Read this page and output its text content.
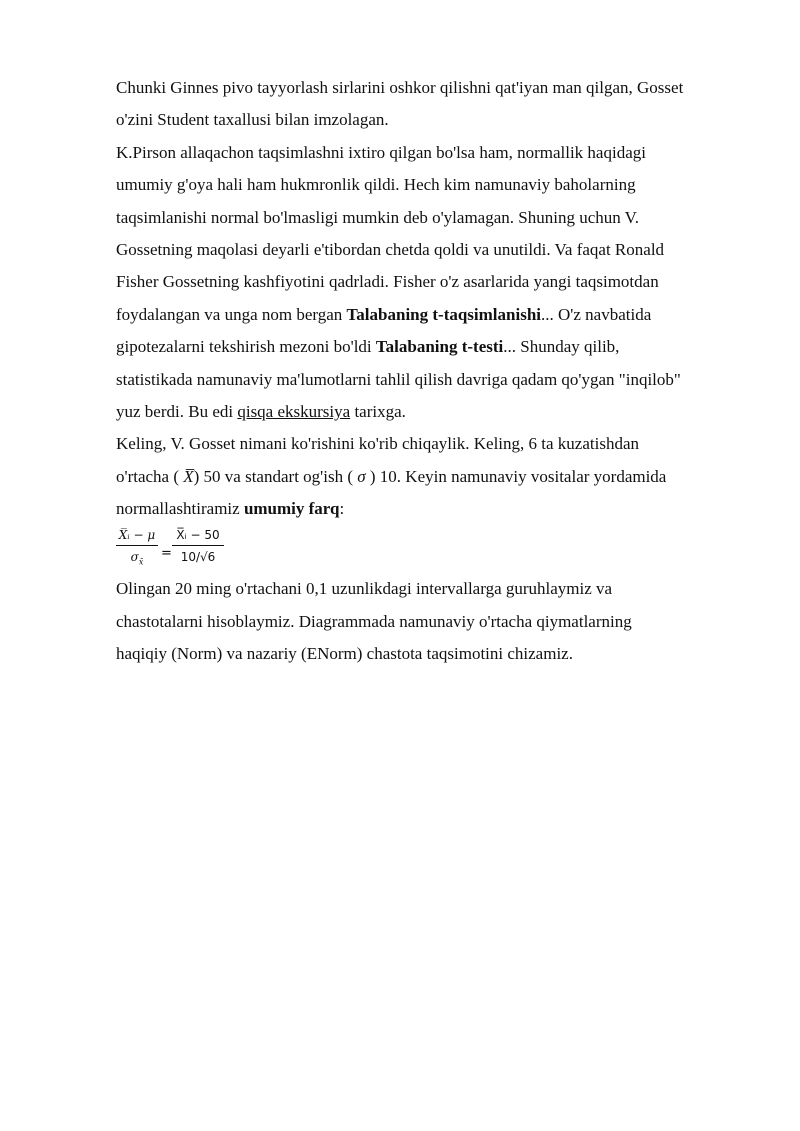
Chunki Ginnes pivo tayyorlash sirlarini oshkor qilishni qat'iyan man qilgan, Gosset
o'zini Student taxallusi bilan imzolagan.

K.Pirson allaqachon taqsimlashni ixtiro qilgan bo'lsa ham, normallik haqidagi
umumiy g'oya hali ham hukmronlik qildi. Hech kim namunaviy baholarning
taqsimlanishi normal bo'lmasligi mumkin deb o'ylamagan. Shuning uchun V.
Gossetning maqolasi deyarli e'tibordan chetda qoldi va unutildi. Va faqat Ronald
Fisher Gossetning kashfiyotini qadrladi. Fisher o'z asarlarida yangi taqsimotdan
foydalangan va unga nom bergan Talabaning t-taqsimlanishi... O'z navbatida
gipotezalarni tekshirish mezoni bo'ldi Talabaning t-testi... Shunday qilib,
statistikada namunaviy ma'lumotlarni tahlil qilish davriga qadam qo'ygan "inqilob"
yuz berdi. Bu edi qisqa ekskursiya tarixga.

Keling, V. Gosset nimani ko'rishini ko'rib chiqaylik. Keling, 6 ta kuzatishdan
o'rtacha ( X̅) 50 va standart og'ish ( σ ) 10. Keyin namunaviy vositalar yordamida
normallashtiramiz umumiy farq:

$\frac{\text{X̅ᵢ − μ}}{\sigma_{x̄}} = \frac{\text{X̅ᵢ − 50}}{10/√6}$

Olingan 20 ming o'rtachani 0,1 uzunlikdagi intervallarga guruhlaymiz va
chastotalarni hisoblaymiz. Diagrammada namunaviy o'rtacha qiymatlarning
haqiqiy (Norm) va nazariy (ENorm) chastota taqsimotini chizamiz.
